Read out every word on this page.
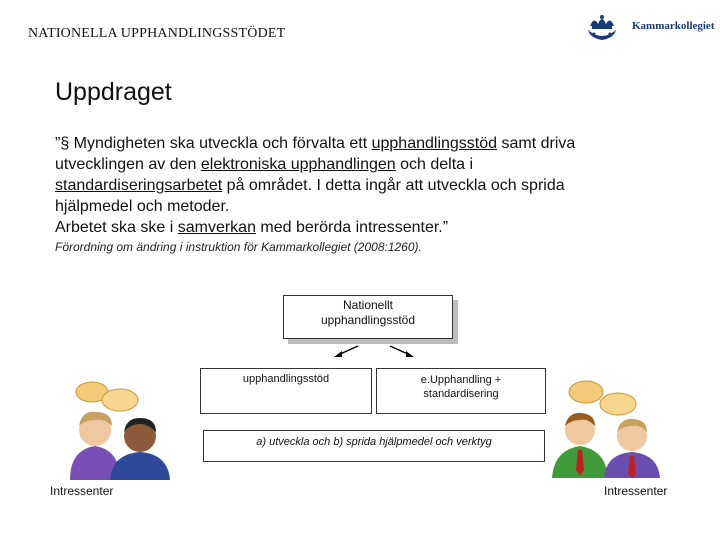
NATIONELLA UPPHANDLINGSSTÖDET	Kammarkollegiet
Uppdraget
”§ Myndigheten ska utveckla och förvalta ett upphandlingsstöd samt driva utvecklingen av den elektroniska upphandlingen och delta i standardiseringsarbetet på området. I detta ingår att utveckla och sprida hjälpmedel och metoder.
Arbetet ska ske i samverkan med berörda intressenter.”
Förordning om ändring i instruktion för Kammarkollegiet (2008:1260).
Nationellt
upphandlingsstöd
upphandlingsstöd	e.Upphandling +
standardisering
a) utveckla och b) sprida hjälpmedel och verktyg
Intressenter	Intressenter
